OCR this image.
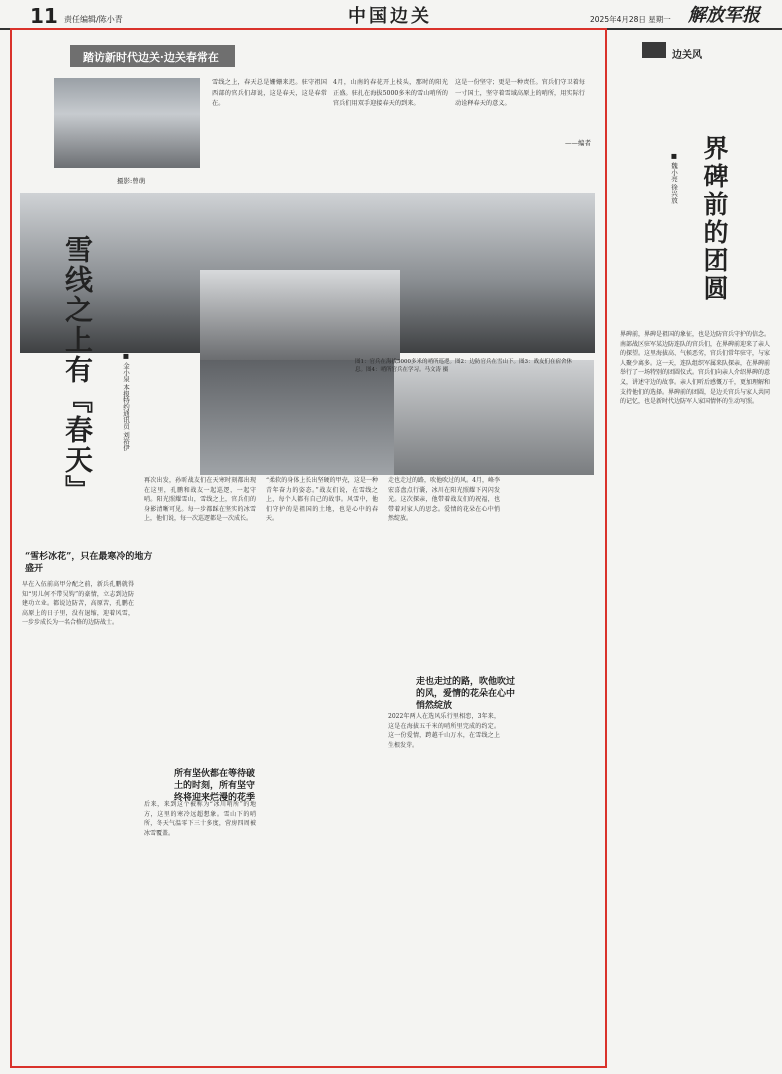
11 责任编辑/陈小青	中国边关	2025年4月28日 星期一 解放军报
踏访新时代边关·边关春常在
摄影:曾萌
雪线之上，春天总是姗姗来迟。驻守祖国西部的官兵们却说，这是春天，这是春常在。
4月，山南的春花开上枝头，那时的阳光正盛。驻扎在海拔5000多米的雪山哨所的官兵们用双手迎接春天的到来。
这是一份坚守；更是一种责任。官兵们守卫着每一寸国土，坚守着雪域高原上的哨所，用实际行动诠释春天的意义。
——编者
图1：官兵在海拔5000多米的哨所巡逻。图2：边防官兵在雪山下。图3：战友们在宿舍休息。图4：哨所官兵在学习。马文涛 摄
雪线之上有『春天』	■ 金小泉 本报特约通讯员 刘裕伊
“雪杉冰花”，只在最寒冷的地方盛开
所有坚伙都在等待破土的时刻，所有坚守终将迎来烂漫的花季
走也走过的路，吹他吹过的风，爱情的花朵在心中悄然绽放
早在入伍前高甲分配之前，新兵孔鹏就得知“男儿何不带吴钩”的豪情，立志到边防建功立业。都说边防苦，高原苦，孔鹏在高原上的日子里，没有退缩，迎着风雪，一步步成长为一名合格的边防战士。
再次出发，孙昕战友们在天寒时刻都出现在这里，孔鹏和战友一起巡逻，一起守哨。阳光照耀雪山，雪线之上，官兵们的身影清晰可见。每一步都踩在坚实的冰雪上，他们说，每一次巡逻都是一次成长。
后来，来到这个被称为“冰川哨所”的地方，这里的寒冷远超想象。雪山下的哨所，冬天气温零下三十多度，营房四周被冰雪覆盖。
“柔软的身体上长出坚硬的甲壳，这是一种青年奋力的姿态。”战友们说，在雪线之上，每个人都有自己的故事。风雪中，他们守护的是祖国的土地，也是心中的春天。
走也走过的路，吹他吹过的风。4月，峰李宏喜盘点行囊，冰川在阳光照耀下闪闪发光。这次探亲，他带着战友们的祝福，也带着对家人的思念。爱情的花朵在心中悄然绽放。
2022年两人在选风乐行里相恋，3年来，这是在海拔五千米的哨所里完成的约定。这一份爱情，跨越千山万水，在雪线之上生根发芽。
边关风
界碑前的团圆
■ 魏小亮 徐兴放
界碑前，界碑是祖国的象征，也是边防官兵守护的信念。南部战区驻军某边防连队的官兵们，在界碑前迎来了亲人的探望。这里海拔高、气候恶劣，官兵们常年驻守，与家人聚少离多。这一天，连队组织军属来队探亲，在界碑前举行了一场特别的团圆仪式。官兵们向亲人介绍界碑的意义，讲述守边的故事。亲人们听后感慨万千，更加理解和支持他们的选择。界碑前的团圆，是边关官兵与家人共同的记忆，也是新时代边防军人家国情怀的生动写照。
